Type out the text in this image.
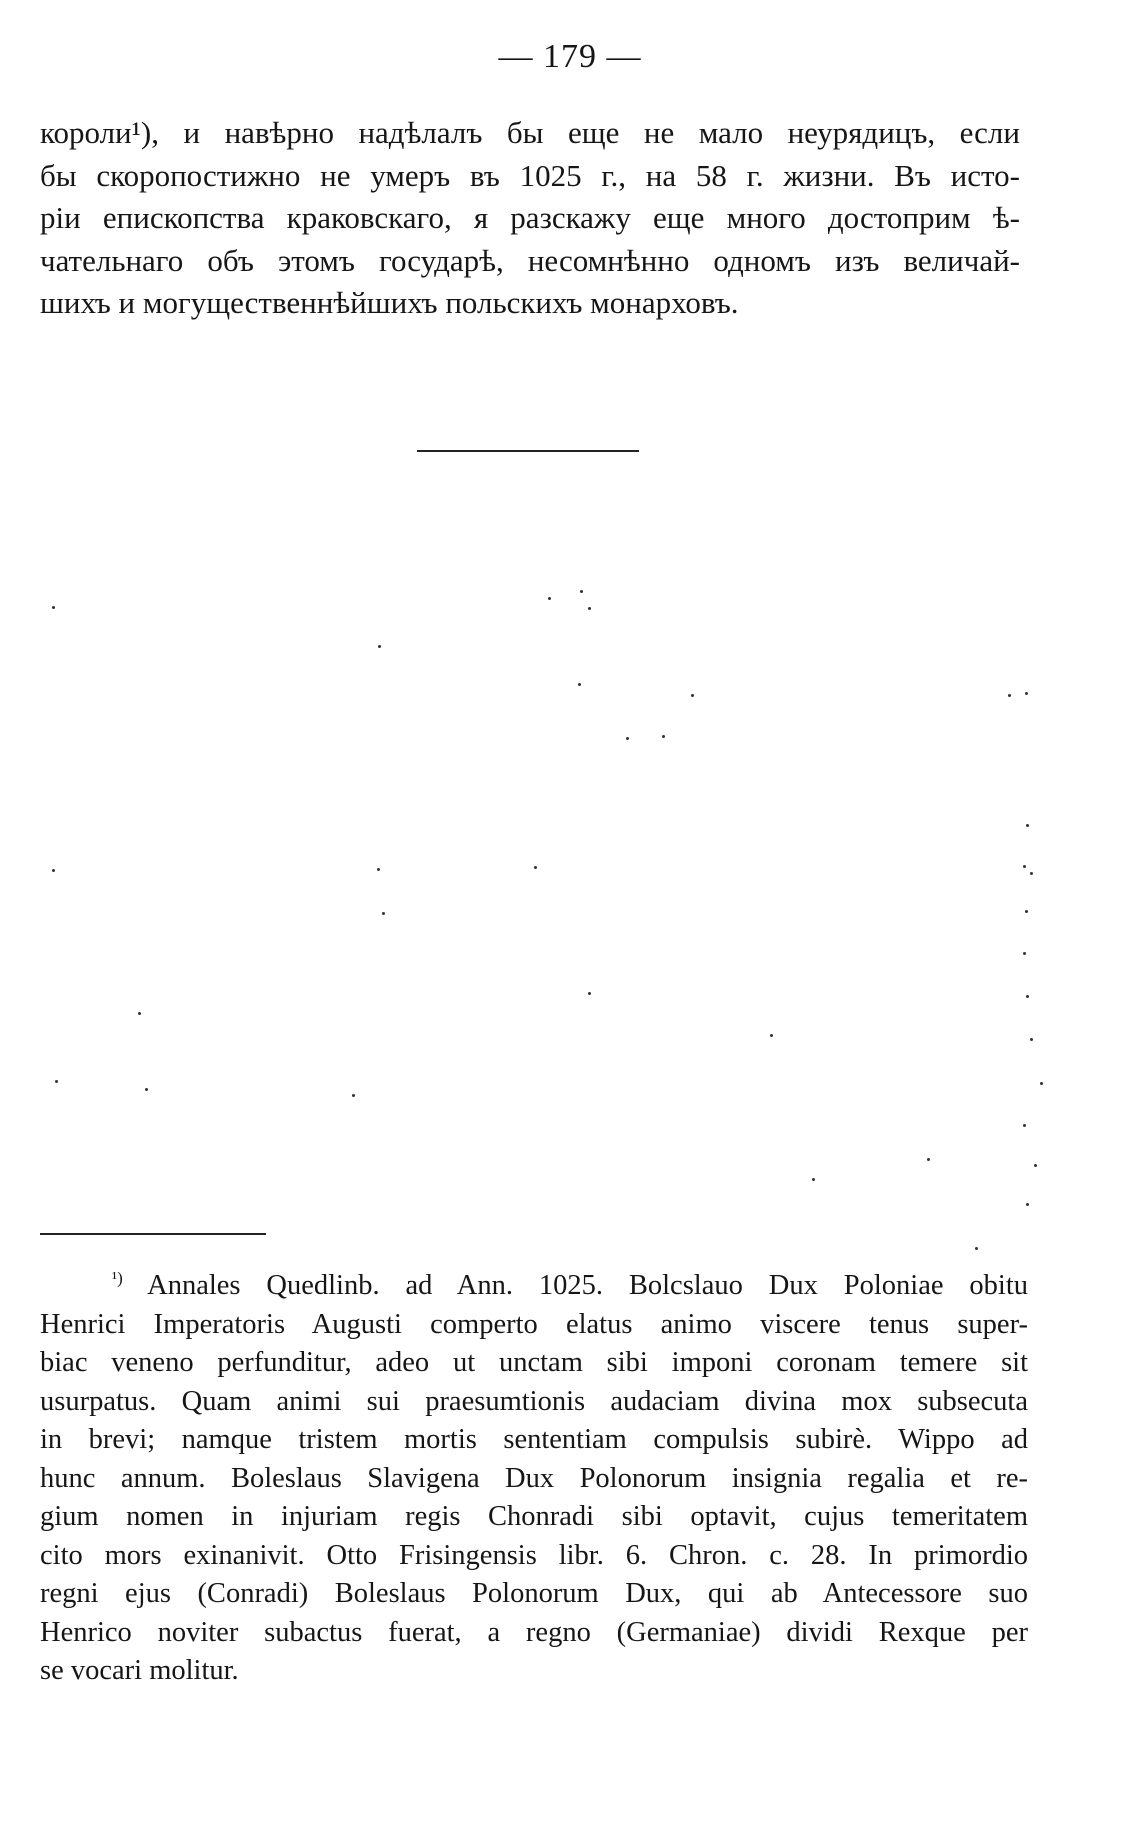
— 179 —
короли¹), и навѣрно надѣлалъ бы еще не мало неурядицъ, если
бы скоропостижно не умеръ въ 1025 г., на 58 г. жизни. Въ исто-
ріи епископства краковскаго, я разскажу еще много достоприм ѣ-
чательнаго объ этомъ государѣ, несомнѣнно одномъ изъ величай-
шихъ и могущественнѣйшихъ польскихъ монарховъ.
$^{^1)}$ Annales Quedlinb. ad Ann. 1025. Bolcslauo Dux Poloniae obitu
Henrici Imperatoris Augusti comperto elatus animo viscere tenus super-
biac veneno perfunditur, adeo ut unctam sibi imponi coronam temere sit
usurpatus. Quam animi sui praesumtionis audaciam divina mox subsecuta
in brevi; namque tristem mortis sententiam compulsis subirè. Wippo ad
hunc annum. Boleslaus Slavigena Dux Polonorum insignia regalia et re-
gium nomen in injuriam regis Chonradi sibi optavit, cujus temeritatem
cito mors exinanivit. Otto Frisingensis libr. 6. Chron. c. 28. In primordio
regni ejus (Conradi) Boleslaus Polonorum Dux, qui ab Antecessore suo
Henrico noviter subactus fuerat, a regno (Germaniae) dividi Rexque per
se vocari molitur.
